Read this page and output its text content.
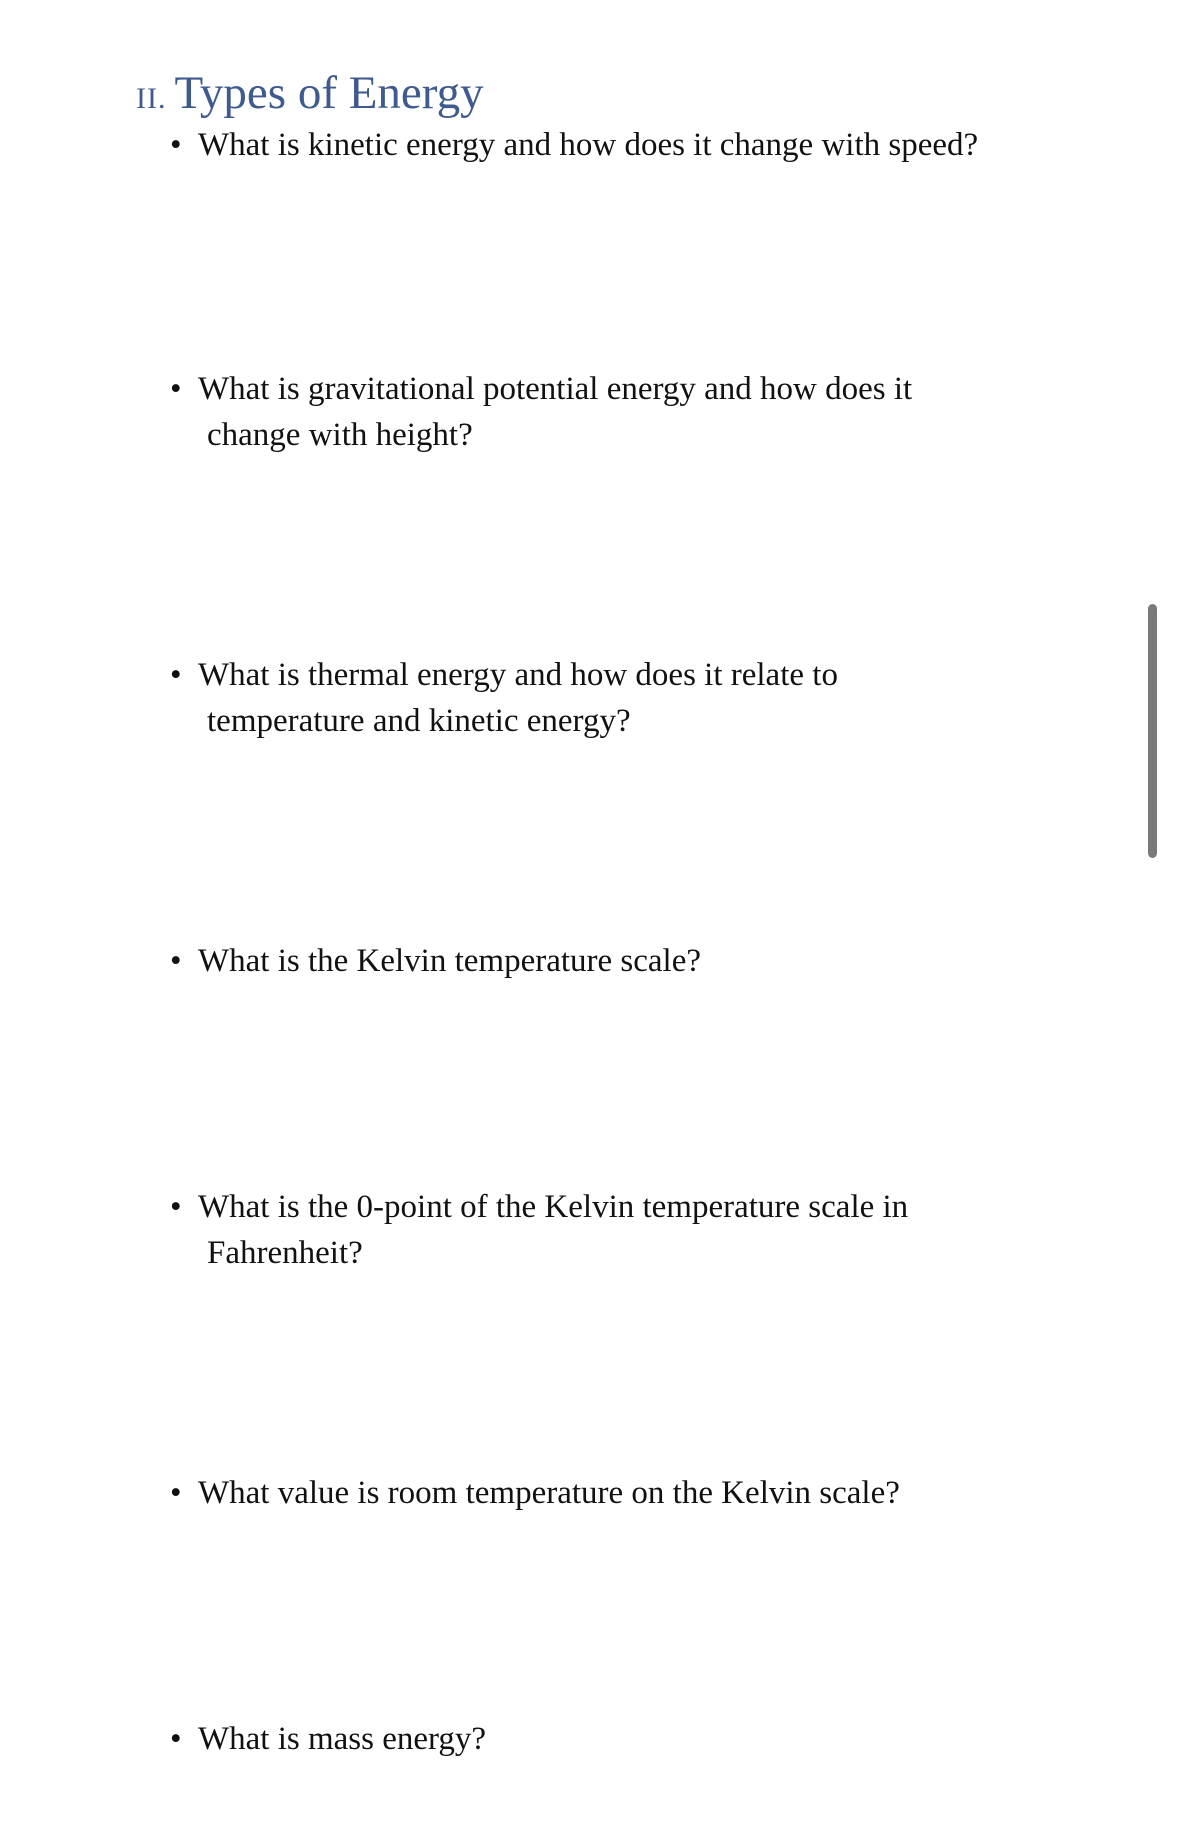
II. Types of Energy
• What is kinetic energy and how does it change with speed?
• What is gravitational potential energy and how does it
change with height?
• What is thermal energy and how does it relate to
temperature and kinetic energy?
• What is the Kelvin temperature scale?
• What is the 0-point of the Kelvin temperature scale in
Fahrenheit?
• What value is room temperature on the Kelvin scale?
• What is mass energy?
